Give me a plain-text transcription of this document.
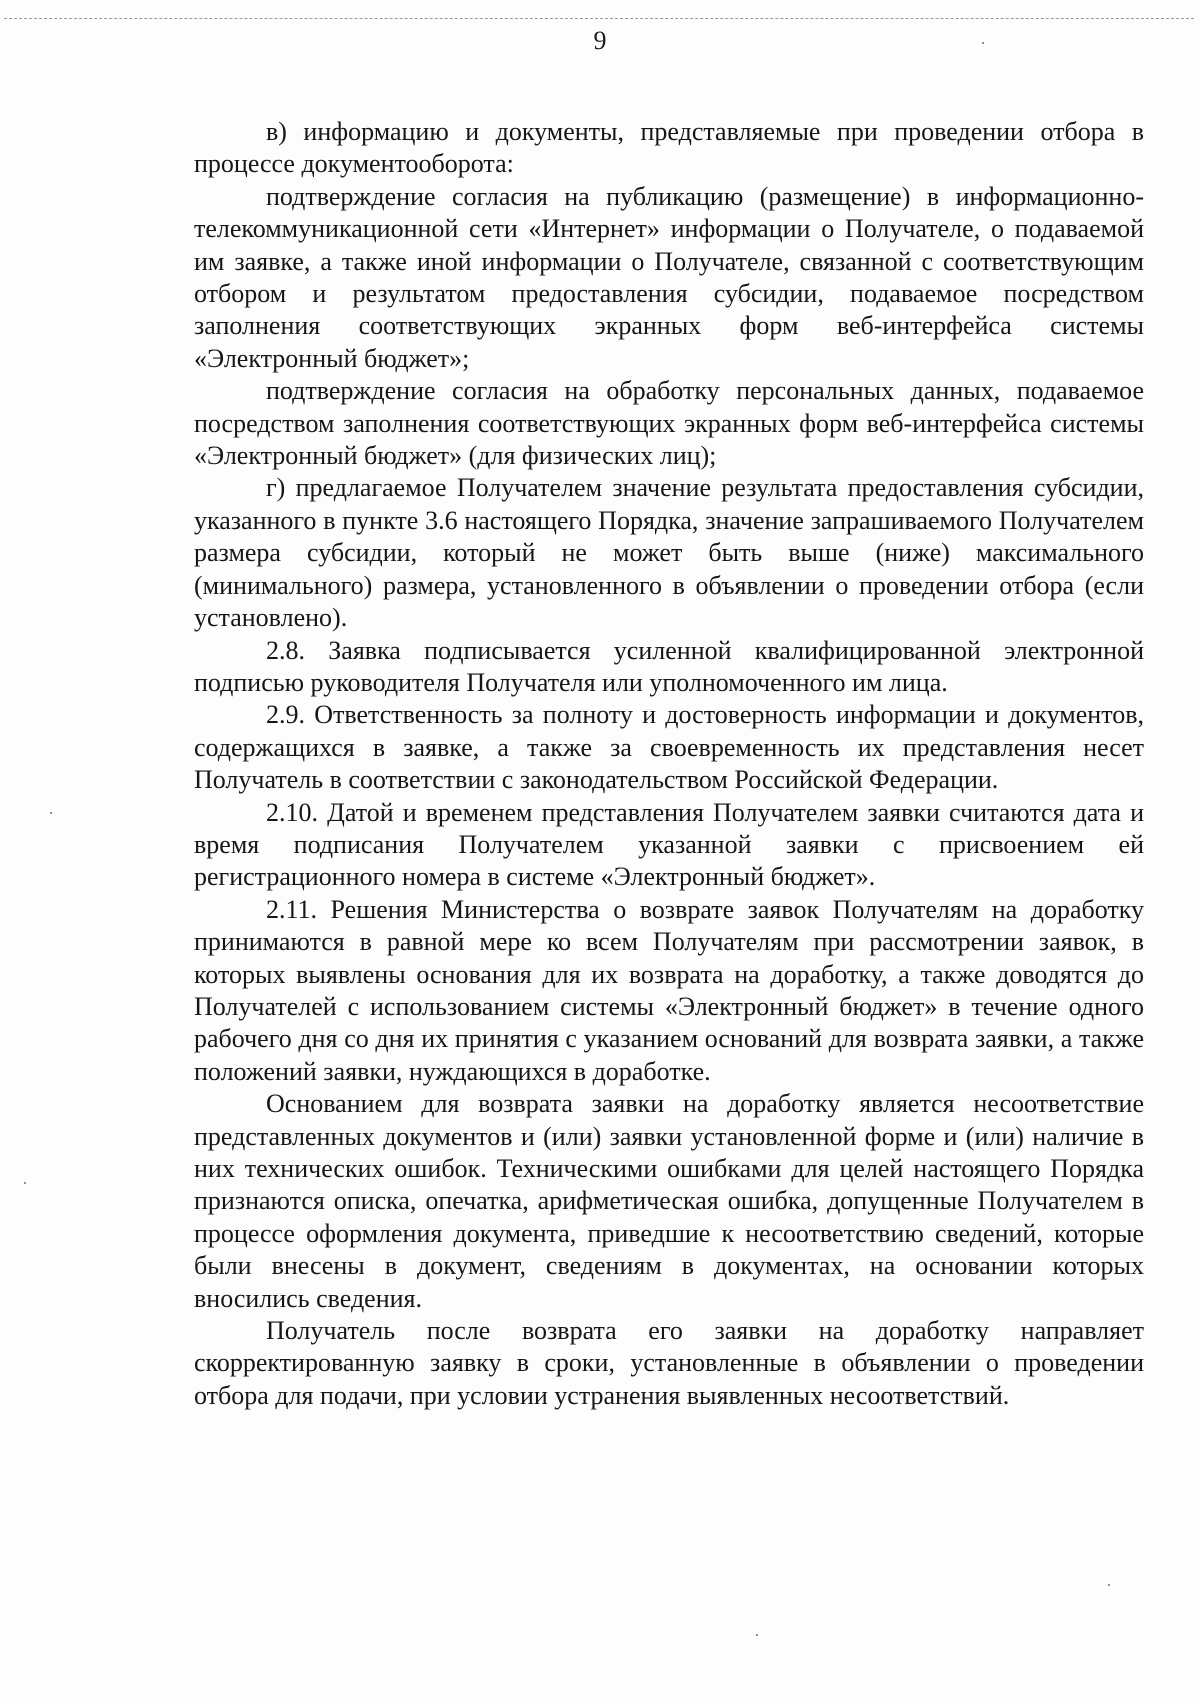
9

в) информацию и документы, представляемые при проведении отбора в процессе документооборота:

подтверждение согласия на публикацию (размещение) в информационно-телекоммуникационной сети «Интернет» информации о Получателе, о подаваемой им заявке, а также иной информации о Получателе, связанной с соответствующим отбором и результатом предоставления субсидии, подаваемое посредством заполнения соответствующих экранных форм веб-интерфейса системы «Электронный бюджет»;

подтверждение согласия на обработку персональных данных, подаваемое посредством заполнения соответствующих экранных форм веб-интерфейса системы «Электронный бюджет» (для физических лиц);

г) предлагаемое Получателем значение результата предоставления субсидии, указанного в пункте 3.6 настоящего Порядка, значение запрашиваемого Получателем размера субсидии, который не может быть выше (ниже) максимального (минимального) размера, установленного в объявлении о проведении отбора (если установлено).

2.8. Заявка подписывается усиленной квалифицированной электронной подписью руководителя Получателя или уполномоченного им лица.

2.9. Ответственность за полноту и достоверность информации и документов, содержащихся в заявке, а также за своевременность их представления несет Получатель в соответствии с законодательством Российской Федерации.

2.10. Датой и временем представления Получателем заявки считаются дата и время подписания Получателем указанной заявки с присвоением ей регистрационного номера в системе «Электронный бюджет».

2.11. Решения Министерства о возврате заявок Получателям на доработку принимаются в равной мере ко всем Получателям при рассмотрении заявок, в которых выявлены основания для их возврата на доработку, а также доводятся до Получателей с использованием системы «Электронный бюджет» в течение одного рабочего дня со дня их принятия с указанием оснований для возврата заявки, а также положений заявки, нуждающихся в доработке.

Основанием для возврата заявки на доработку является несоответствие представленных документов и (или) заявки установленной форме и (или) наличие в них технических ошибок. Техническими ошибками для целей настоящего Порядка признаются описка, опечатка, арифметическая ошибка, допущенные Получателем в процессе оформления документа, приведшие к несоответствию сведений, которые были внесены в документ, сведениям в документах, на основании которых вносились сведения.

Получатель после возврата его заявки на доработку направляет скорректированную заявку в сроки, установленные в объявлении о проведении отбора для подачи, при условии устранения выявленных несоответствий.
